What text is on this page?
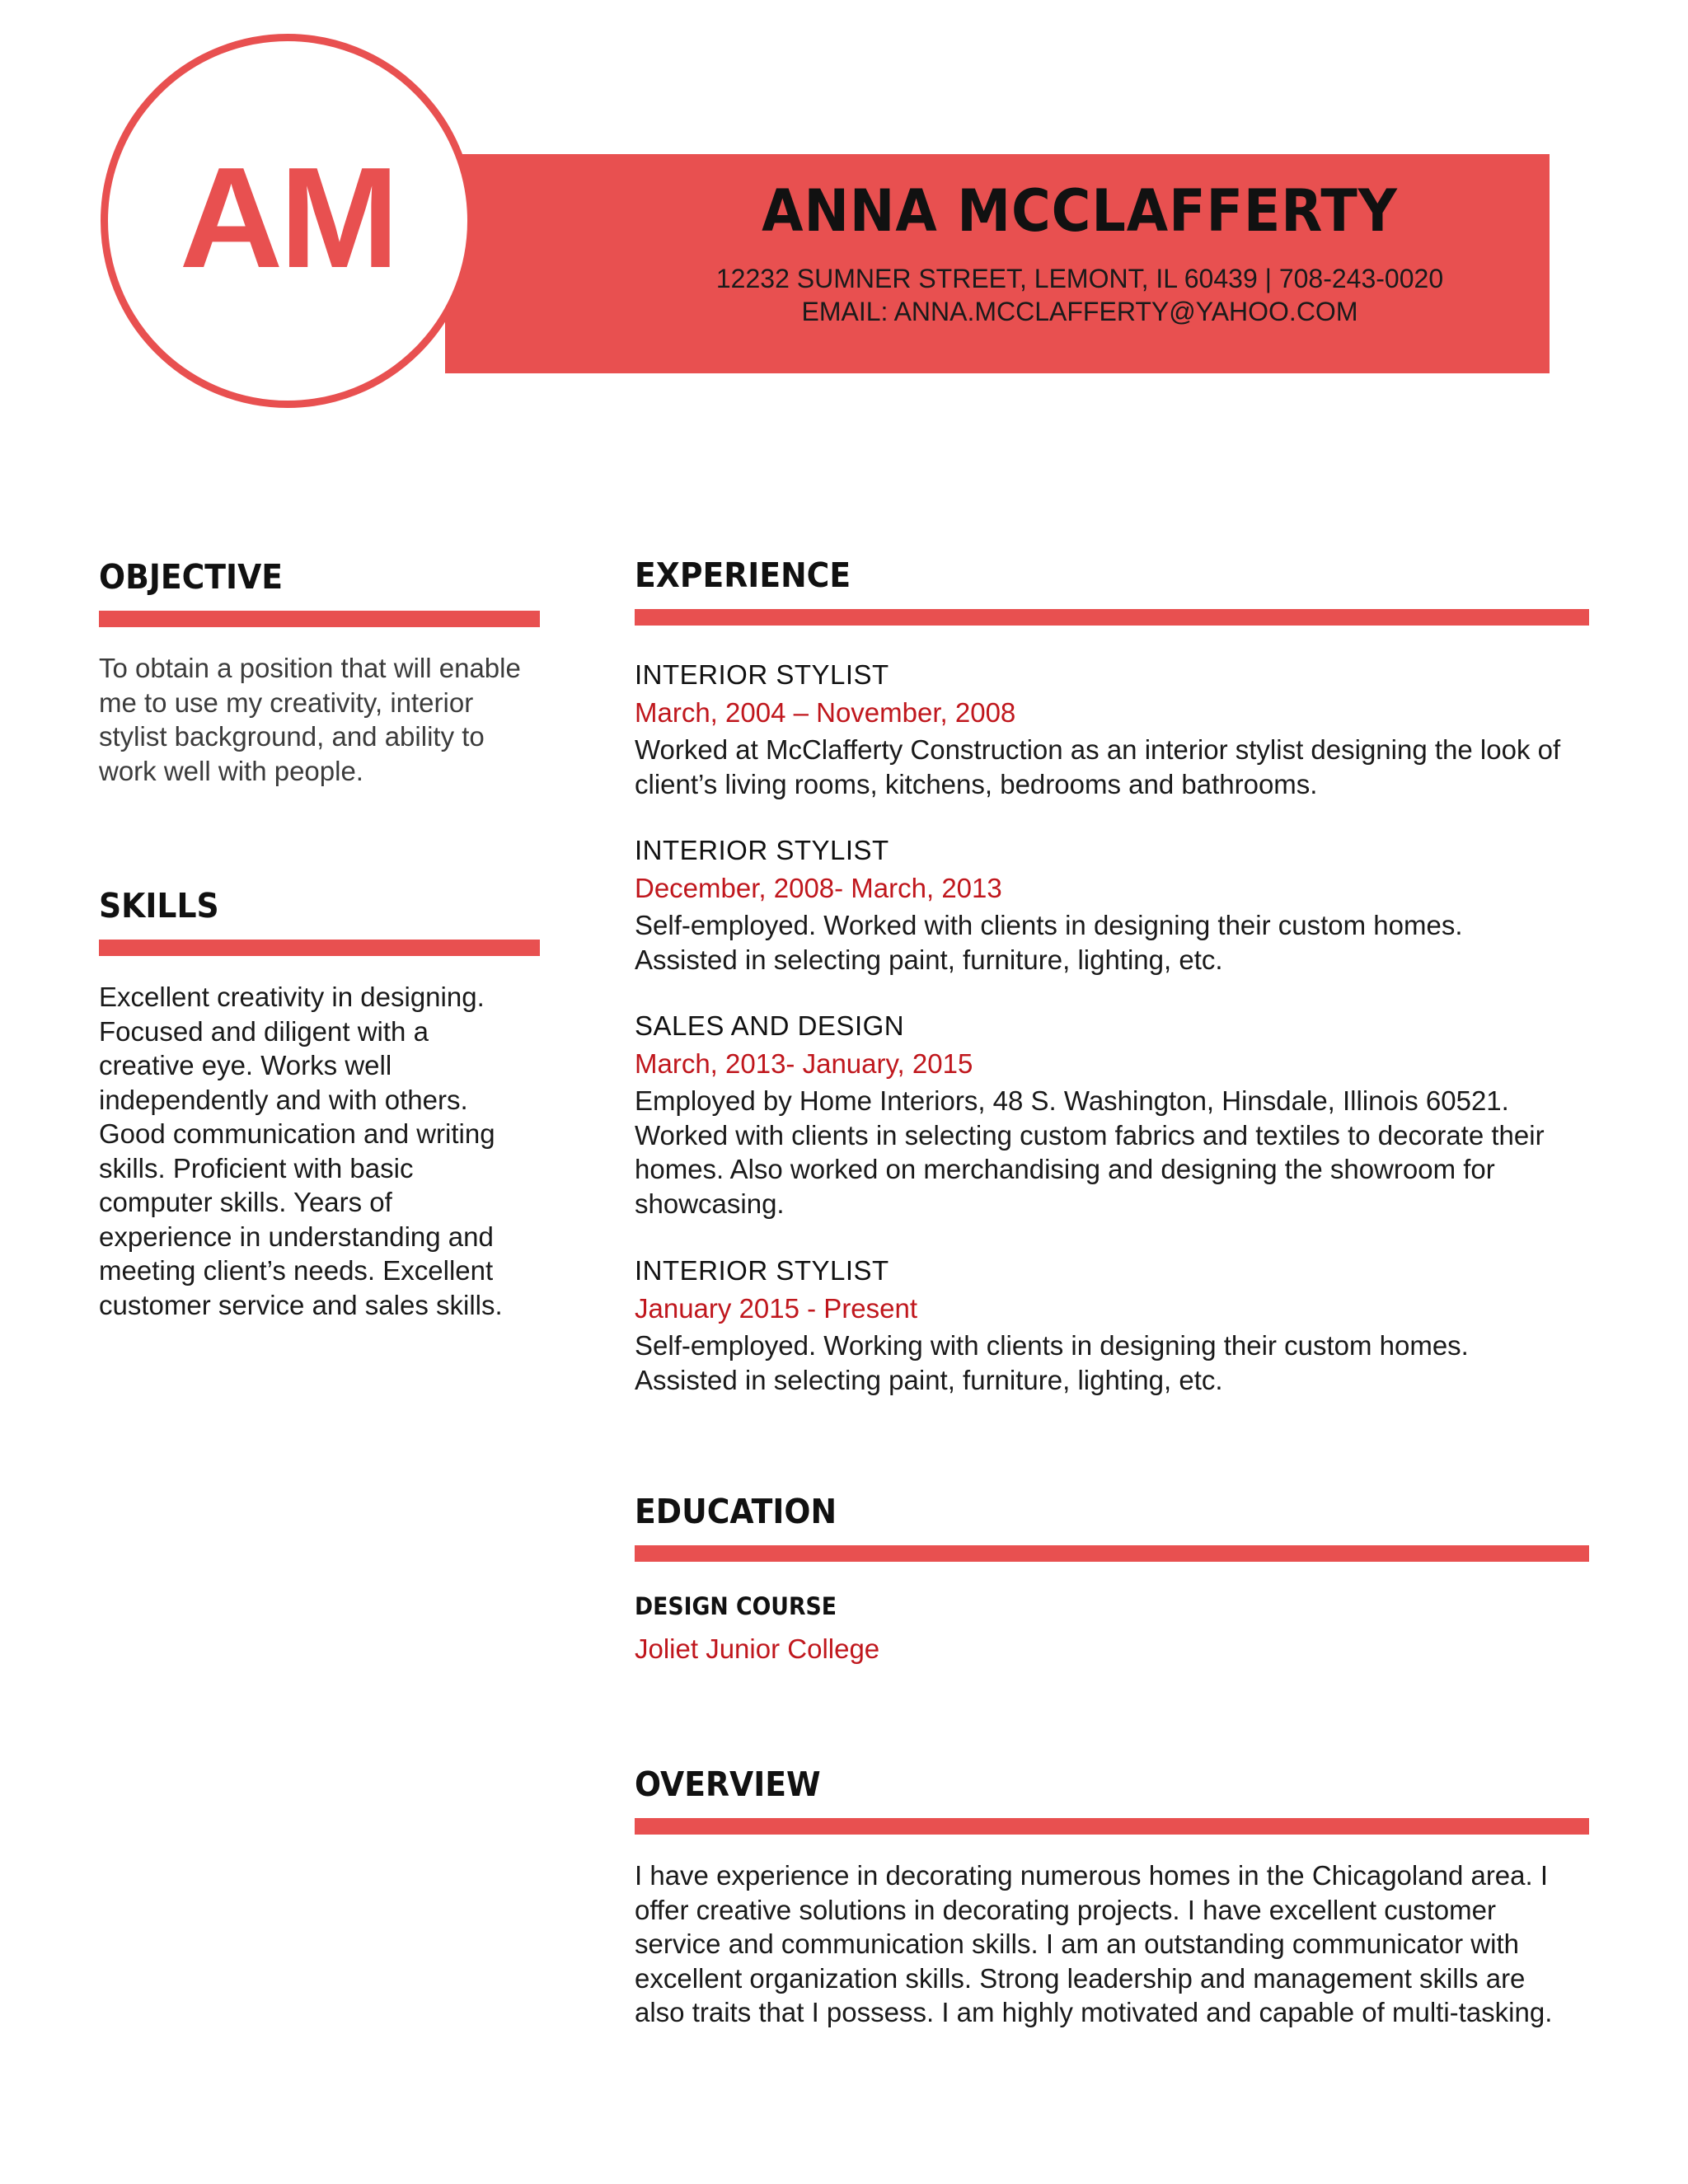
AM	ANNA MCCLAFFERTY
12232 SUMNER STREET, LEMONT, IL 60439 | 708-243-0020
EMAIL: ANNA.MCCLAFFERTY@YAHOO.COM
OBJECTIVE
To obtain a position that will enable
me to use my creativity, interior
stylist background, and ability to
work well with people.
SKILLS
Excellent creativity in designing.
Focused and diligent with a
creative eye. Works well
independently and with others.
Good communication and writing
skills. Proficient with basic
computer skills. Years of
experience in understanding and
meeting client’s needs. Excellent
customer service and sales skills.
EXPERIENCE
INTERIOR STYLIST
March, 2004 – November, 2008
Worked at McClafferty Construction as an interior stylist designing the look of
client’s living rooms, kitchens, bedrooms and bathrooms.
INTERIOR STYLIST
December, 2008- March, 2013
Self-employed. Worked with clients in designing their custom homes.
Assisted in selecting paint, furniture, lighting, etc.
SALES AND DESIGN
March, 2013- January, 2015
Employed by Home Interiors, 48 S. Washington, Hinsdale, Illinois 60521.
Worked with clients in selecting custom fabrics and textiles to decorate their
homes. Also worked on merchandising and designing the showroom for
showcasing.
INTERIOR STYLIST
January 2015 - Present
Self-employed. Working with clients in designing their custom homes.
Assisted in selecting paint, furniture, lighting, etc.
EDUCATION
DESIGN COURSE
Joliet Junior College
OVERVIEW
I have experience in decorating numerous homes in the Chicagoland area. I
offer creative solutions in decorating projects. I have excellent customer
service and communication skills. I am an outstanding communicator with
excellent organization skills. Strong leadership and management skills are
also traits that I possess. I am highly motivated and capable of multi-tasking.
